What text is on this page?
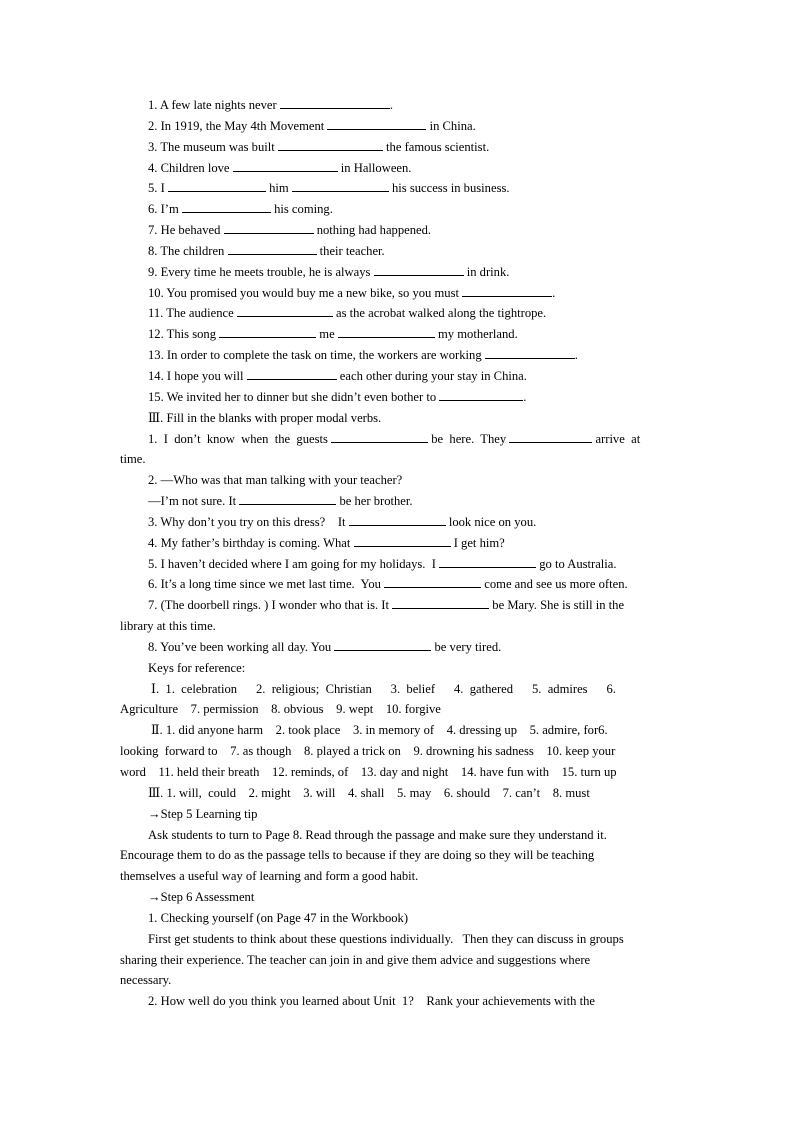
1. A few late nights never	.
2. In 1919, the May 4th Movement	in China.
3. The museum was built	the famous scientist.
4. Children love	in Halloween.
5. I	him	his success in business.
6. I’m	his coming.
7. He behaved	nothing had happened.
8. The children	their teacher.
9. Every time he meets trouble, he is always	in drink.
10. You promised you would buy me a new bike, so you must	.
11. The audience	as the acrobat walked along the tightrope.
12. This song	me	my motherland.
13. In order to complete the task on time, the workers are working	.
14. I hope you will	each other during your stay in China.
15. We invited her to dinner but she didn’t even bother to	.
Ⅲ. Fill in the blanks with proper modal verbs.
1.  I  don’t  know  when  the  guests	be  here.  They	arrive  at
time.
2. —Who was that man talking with your teacher?
—I’m not sure. It	be her brother.
3. Why don’t you try on this dress?    It	look nice on you.
4. My father’s birthday is coming. What	I get him?
5. I haven’t decided where I am going for my holidays.  I	go to Australia.
6. It’s a long time since we met last time.  You	come and see us more often.
7. (The doorbell rings. ) I wonder who that is. It	be Mary. She is still in the
library at this time.
8. You’ve been working all day. You	be very tired.
Keys for reference:
Ⅰ.  1.  celebration      2.  religious;  Christian      3.  belief      4.  gathered      5.  admires      6.
Agriculture    7. permission    8. obvious    9. wept    10. forgive
Ⅱ. 1. did anyone harm    2. took place    3. in memory of    4. dressing up    5. admire, for6.
looking  forward to    7. as though    8. played a trick on    9. drowning his sadness    10. keep your
word    11. held their breath    12. reminds, of    13. day and night    14. have fun with    15. turn up
Ⅲ. 1. will,  could    2. might    3. will    4. shall    5. may    6. should    7. can’t    8. must
→Step 5 Learning tip
Ask students to turn to Page 8. Read through the passage and make sure they understand it.
Encourage them to do as the passage tells to because if they are doing so they will be teaching
themselves a useful way of learning and form a good habit.
→Step 6 Assessment
1. Checking yourself (on Page 47 in the Workbook)
First get students to think about these questions individually.   Then they can discuss in groups
sharing their experience. The teacher can join in and give them advice and suggestions where
necessary.
2. How well do you think you learned about Unit  1?    Rank your achievements with the
